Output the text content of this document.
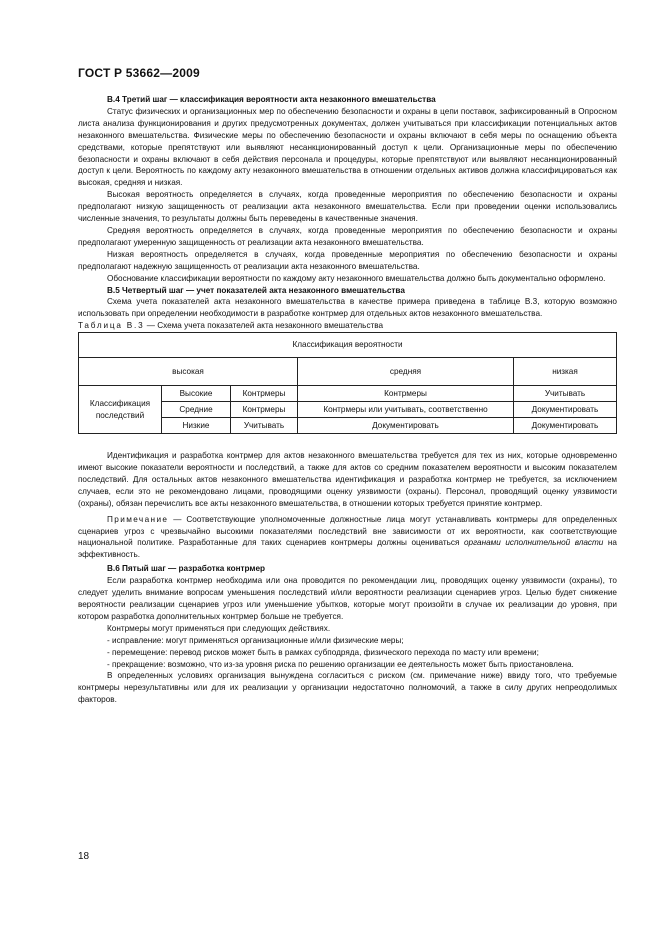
ГОСТ Р 53662—2009

В.4 Третий шаг — классификация вероятности акта незаконного вмешательства

Статус физических и организационных мер по обеспечению безопасности и охраны в цепи поставок, зафиксированный в Опросном листа анализа функционирования и других предусмотренных документах, должен учитываться при классификации потенциальных актов незаконного вмешательства. Физические меры по обеспечению безопасности и охраны включают в себя меры по оснащению объекта средствами, которые препятствуют или выявляют несанкционированный доступ к цели. Организационные меры по обеспечению безопасности и охраны включают в себя действия персонала и процедуры, которые препятствуют или выявляют несанкционированный доступ к цели. Вероятность по каждому акту незаконного вмешательства в отношении отдельных активов должна классифицироваться как высокая, средняя и низкая.

Высокая вероятность определяется в случаях, когда проведенные мероприятия по обеспечению безопасности и охраны предполагают низкую защищенность от реализации акта незаконного вмешательства. Если при проведении оценки использовались численные значения, то результаты должны быть переведены в качественные значения.

Средняя вероятность определяется в случаях, когда проведенные мероприятия по обеспечению безопасности и охраны предполагают умеренную защищенность от реализации акта незаконного вмешательства.

Низкая вероятность определяется в случаях, когда проведенные мероприятия по обеспечению безопасности и охраны предполагают надежную защищенность от реализации акта незаконного вмешательства.

Обоснование классификации вероятности по каждому акту незаконного вмешательства должно быть документально оформлено.

В.5 Четвертый шаг — учет показателей акта незаконного вмешательства

Схема учета показателей акта незаконного вмешательства в качестве примера приведена в таблице В.3, которую возможно использовать при определении необходимости в разработке контрмер для отдельных актов незаконного вмешательства.

Таблица В.3 — Схема учета показателей акта незаконного вмешательства

Классификация вероятности				
высокая			средняя	низкая
Классификация последствий	Высокие	Контрмеры	Контрмеры	Учитывать
	Средние	Контрмеры	Контрмеры или учитывать, соответственно	Документировать
	Низкие	Учитывать	Документировать	Документировать

Идентификация и разработка контрмер для актов незаконного вмешательства требуется для тех из них, которые одновременно имеют высокие показатели вероятности и последствий, а также для актов со средним показателем вероятности и высоким показателем последствий. Для остальных актов незаконного вмешательства идентификация и разработка контрмер не требуется, за исключением случаев, если это не рекомендовано лицами, проводящими оценку уязвимости (охраны). Персонал, проводящий оценку уязвимости (охраны), обязан перечислить все акты незаконного вмешательства, в отношении которых требуется принятие контрмер.

Примечание — Соответствующие уполномоченные должностные лица могут устанавливать контрмеры для определенных сценариев угроз с чрезвычайно высокими показателями последствий вне зависимости от их вероятности, как соответствующие национальной политике. Разработанные для таких сценариев контрмеры должны оцениваться органами исполнительной власти на эффективность.

В.6 Пятый шаг — разработка контрмер

Если разработка контрмер необходима или она проводится по рекомендации лиц, проводящих оценку уязвимости (охраны), то следует уделить внимание вопросам уменьшения последствий и/или вероятности реализации сценариев угроз. Целью будет снижение вероятности реализации сценариев угроз или уменьшение убытков, которые могут произойти в случае их реализации до уровня, при котором разработка дополнительных контрмер больше не требуется.

Контрмеры могут применяться при следующих действиях.

- исправление: могут применяться организационные и/или физические меры;

- перемещение: перевод рисков может быть в рамках субподряда, физического перехода по масту или времени;

- прекращение: возможно, что из-за уровня риска по решению организации ее деятельность может быть приостановлена.

В определенных условиях организация вынуждена согласиться с риском (см. примечание ниже) ввиду того, что требуемые контрмеры нерезультативны или для их реализации у организации недостаточно полномочий, а также в силу других непреодолимых факторов.

18
